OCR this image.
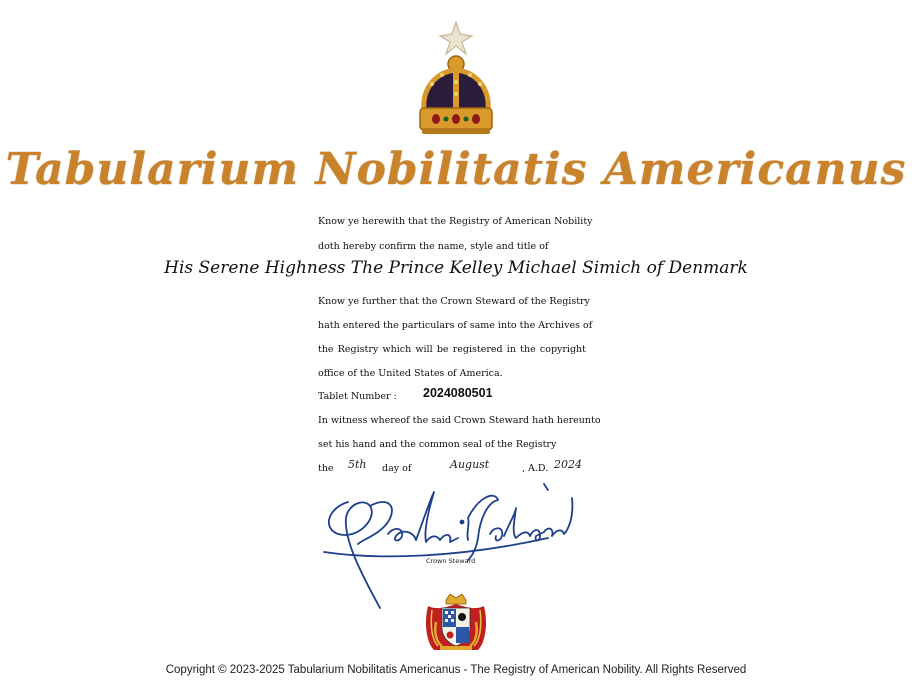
Tabularium Nobilitatis Americanus
Know ye herewith that the Registry of American Nobility
doth hereby confirm the name, style and title of
His Serene Highness The Prince Kelley Michael Simich of Denmark
Know ye further that the Crown Steward of the Registry
hath entered the particulars of same into the Archives of
the Registry which will be registered in the copyright
office of the United States of America.
Tablet Number : 2024080501
In witness whereof the said Crown Steward hath hereunto
set his hand and the common seal of the Registry
the 5th day of	August	, A.D. 2024
Crown Steward
Copyright © 2023-2025 Tabularium Nobilitatis Americanus - The Registry of American Nobility. All Rights Reserved
